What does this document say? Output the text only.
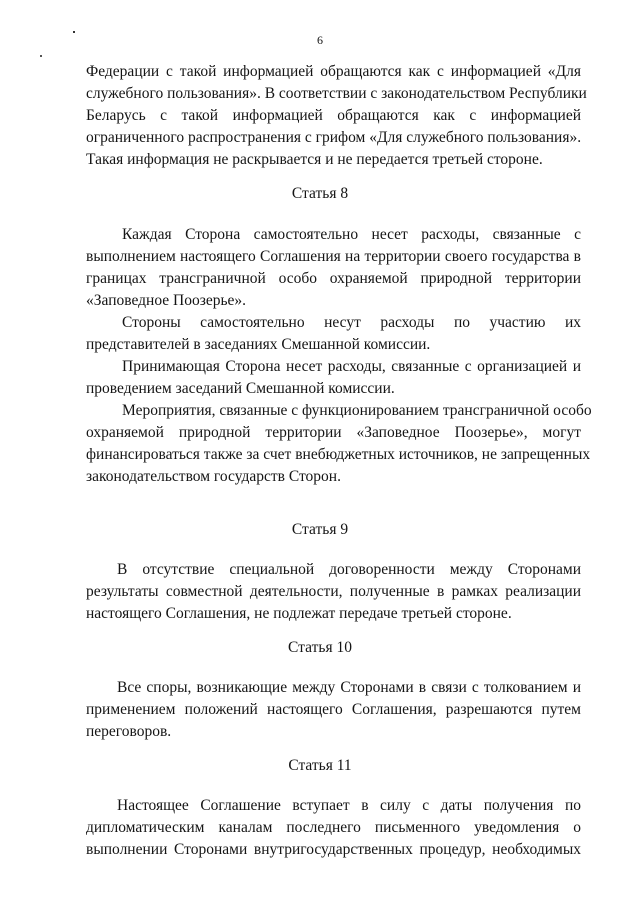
6
Федерации с такой информацией обращаются как с информацией «Для
служебного пользования». В соответствии с законодательством Республики
Беларусь с такой информацией обращаются как с информацией
ограниченного распространения с грифом «Для служебного пользования».
Такая информация не раскрывается и не передается третьей стороне.
Статья 8
Каждая Сторона самостоятельно несет расходы, связанные с
выполнением настоящего Соглашения на территории своего государства в
границах трансграничной особо охраняемой природной территории
«Заповедное Поозерье».
Стороны самостоятельно несут расходы по участию их
представителей в заседаниях Смешанной комиссии.
Принимающая Сторона несет расходы, связанные с организацией и
проведением заседаний Смешанной комиссии.
Мероприятия, связанные с функционированием трансграничной особо
охраняемой природной территории «Заповедное Поозерье», могут
финансироваться также за счет внебюджетных источников, не запрещенных
законодательством государств Сторон.
Статья 9
В отсутствие специальной договоренности между Сторонами
результаты совместной деятельности, полученные в рамках реализации
настоящего Соглашения, не подлежат передаче третьей стороне.
Статья 10
Все споры, возникающие между Сторонами в связи с толкованием и
применением положений настоящего Соглашения, разрешаются путем
переговоров.
Статья 11
Настоящее Соглашение вступает в силу с даты получения по
дипломатическим каналам последнего письменного уведомления о
выполнении Сторонами внутригосударственных процедур, необходимых
